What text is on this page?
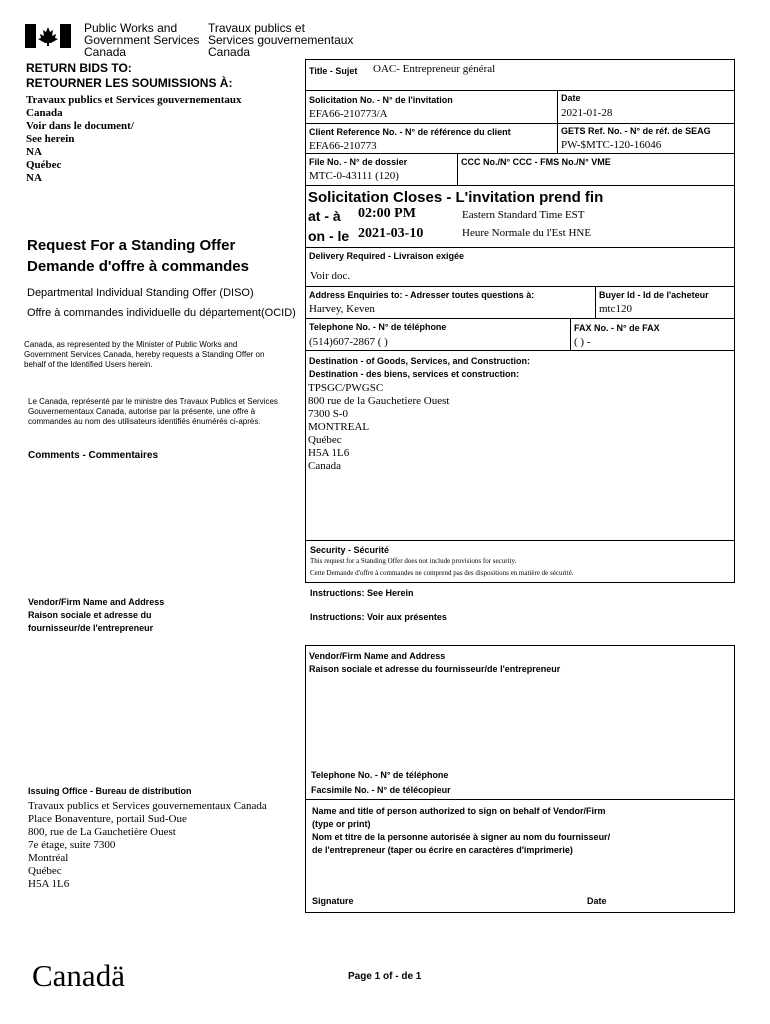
Public Works and
Government Services
Canada
Travaux publics et
Services gouvernementaux
Canada
RETURN BIDS TO:
RETOURNER LES SOUMISSIONS À:
Travaux publics et Services gouvernementaux
Canada
Voir dans le document/
See herein
NA
Québec
NA
Request For a Standing Offer
Demande d'offre à commandes
Departmental Individual Standing Offer (DISO)
Offre à commandes individuelle du département(OCID)
Canada, as represented by the Minister of Public Works and Government Services Canada, hereby requests a Standing Offer on behalf of the Identified Users herein.
Le Canada, représenté par le ministre des Travaux Publics et Services Gouvernementaux Canada, autorise par la présente, une offre à commandes au nom des utilisateurs identifiés énumérés ci-après.
Comments - Commentaires
Title - Sujet OAC- Entrepreneur général
Solicitation No. - N° de l'invitation
EFA66-210773/A
Date
2021-01-28
Client Reference No. - N° de référence du client
EFA66-210773
GETS Ref. No. - N° de réf. de SEAG
PW-$MTC-120-16046
File No. - N° de dossier
MTC-0-43111 (120)
CCC No./N° CCC - FMS No./N° VME
Solicitation Closes - L'invitation prend fin
at - à 02:00 PM	Eastern Standard Time EST
on - le 2021-03-10	Heure Normale du l'Est HNE
Delivery Required - Livraison exigée
Voir doc.
Address Enquiries to: - Adresser toutes questions à:
Harvey, Keven
Buyer Id - Id de l'acheteur
mtc120
Telephone No. - N° de téléphone
(514)607-2867 ( )
FAX No. - N° de FAX
( ) -
Destination - of Goods, Services, and Construction:
Destination - des biens, services et construction:
TPSGC/PWGSC
800 rue de la Gauchetiere Ouest
7300 S-0
MONTREAL
Québec
H5A 1L6
Canada
Security - Sécurité
This request for a Standing Offer does not include provisions for security.
Cette Demande d'offre à commandes ne comprend pas des dispositions en matière de sécurité.
Vendor/Firm Name and Address
Raison sociale et adresse du
fournisseur/de l'entrepreneur
Instructions: See Herein
Instructions: Voir aux présentes
Vendor/Firm Name and Address
Raison sociale et adresse du fournisseur/de l'entrepreneur
Telephone No. - N° de téléphone
Facsimile No. - N° de télécopieur
Name and title of person authorized to sign on behalf of Vendor/Firm
(type or print)
Nom et titre de la personne autorisée à signer au nom du fournisseur/
de l'entrepreneur (taper ou écrire en caractères d'imprimerie)
Signature	Date
Issuing Office - Bureau de distribution
Travaux publics et Services gouvernementaux Canada
Place Bonaventure, portail Sud-Oue
800, rue de La Gauchetière Ouest
7e étage, suite 7300
Montréal
Québec
H5A 1L6
Canadä	Page 1 of - de 1
